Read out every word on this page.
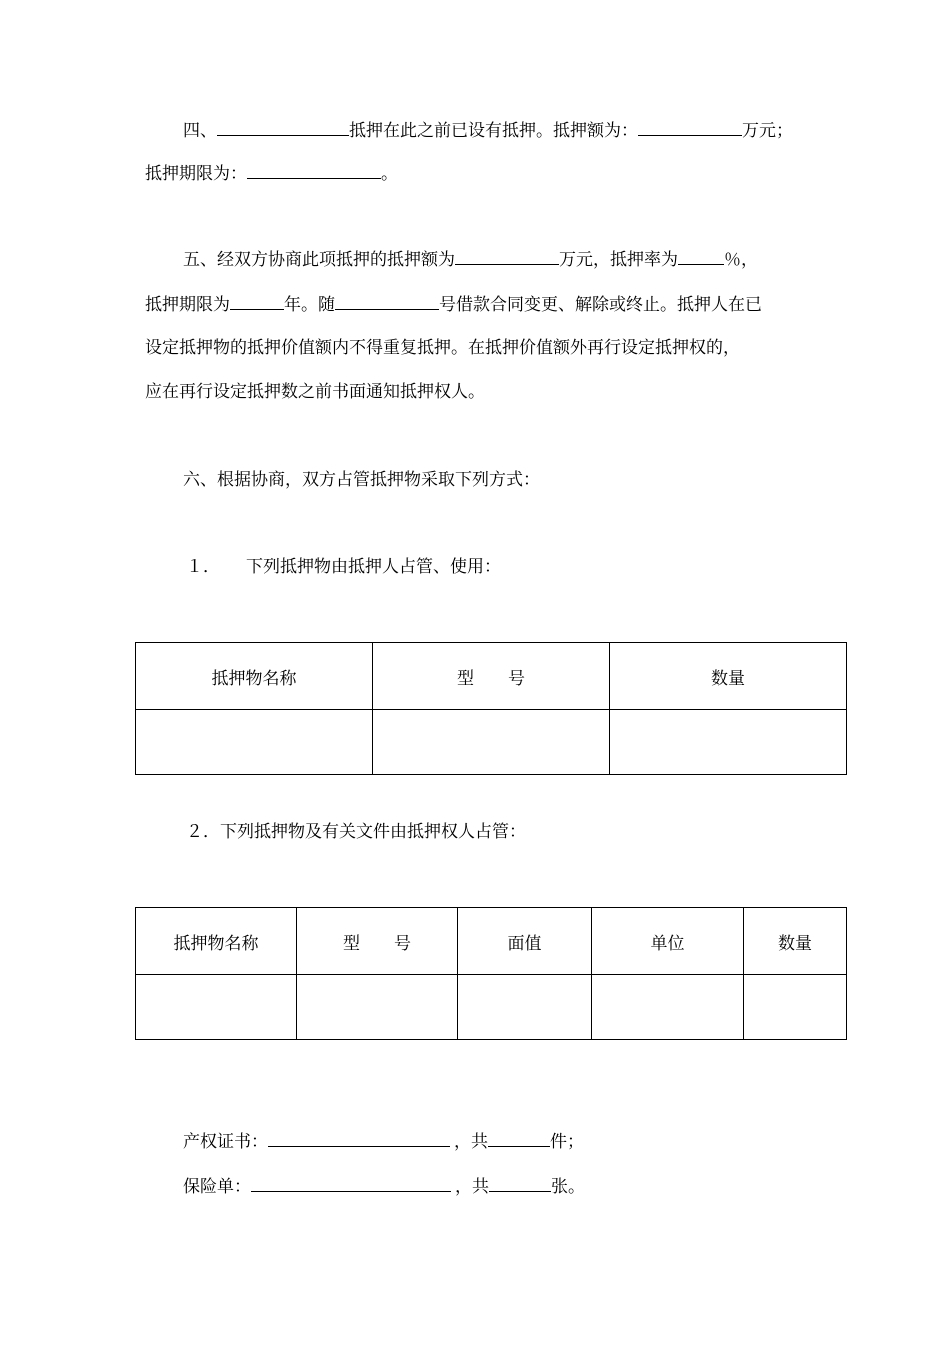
四、	抵押在此之前已设有抵押。抵押额为：	万元；
抵押期限为：	。
五、经双方协商此项抵押的抵押额为	万元，抵押率为	％，
抵押期限为	年。随	号借款合同变更、解除或终止。抵押人在已
设定抵押物的抵押价值额内不得重复抵押。在抵押价值额外再行设定抵押权的，
应在再行设定抵押数之前书面通知抵押权人。
六、根据协商，双方占管抵押物采取下列方式：
１． 下列抵押物由抵押人占管、使用：
抵押物名称	型　　号	数量

２．下列抵押物及有关文件由抵押权人占管：
抵押物名称	型　　号	面值	单位	数量

产权证书：	，共	件；
保险单：	，共	张。
